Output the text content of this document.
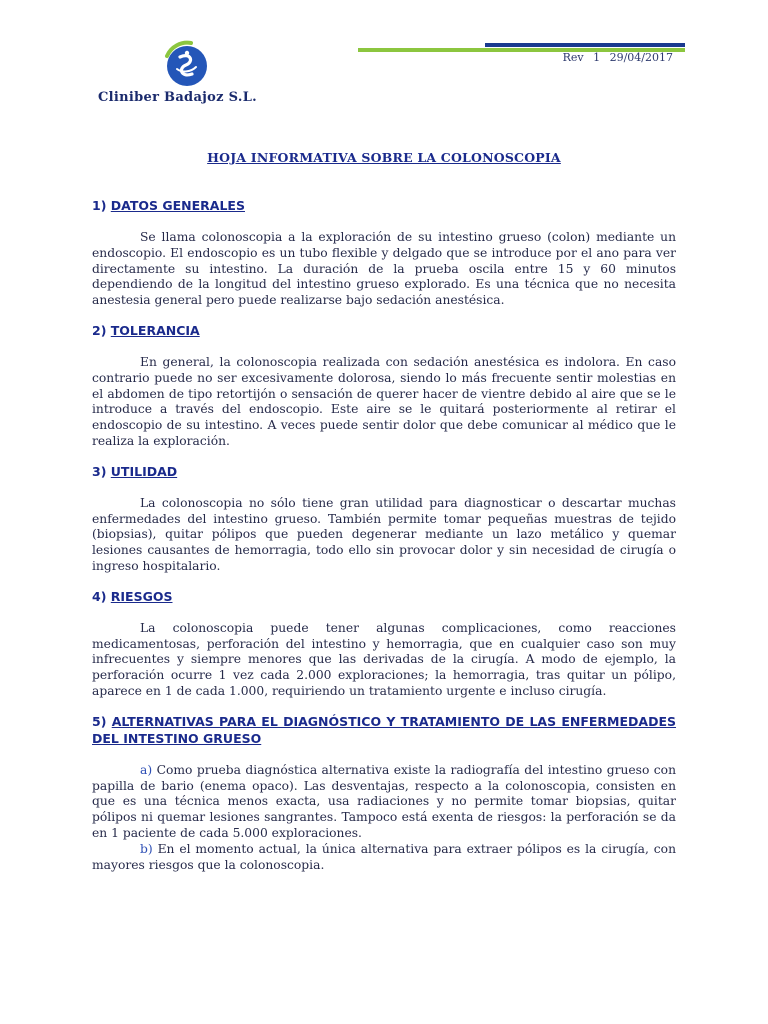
Cliniber Badajoz S.L.
Rev 1 29/04/2017
HOJA INFORMATIVA SOBRE LA COLONOSCOPIA
1) DATOS GENERALES

Se llama colonoscopia a la exploración de su intestino grueso (colon) mediante un endoscopio. El endoscopio es un tubo flexible y delgado que se introduce por el ano para ver directamente su intestino. La duración de la prueba oscila entre 15 y 60 minutos dependiendo de la longitud del intestino grueso explorado. Es una técnica que no necesita anestesia general pero puede realizarse bajo sedación anestésica.

2) TOLERANCIA

En general, la colonoscopia realizada con sedación anestésica es indolora. En caso contrario puede no ser excesivamente dolorosa, siendo lo más frecuente sentir molestias en el abdomen de tipo retortijón o sensación de querer hacer de vientre debido al aire que se le introduce a través del endoscopio. Este aire se le quitará posteriormente al retirar el endoscopio de su intestino. A veces puede sentir dolor que debe comunicar al médico que le realiza la exploración.

3) UTILIDAD

La colonoscopia no sólo tiene gran utilidad para diagnosticar o descartar muchas enfermedades del intestino grueso. También permite tomar pequeñas muestras de tejido (biopsias), quitar pólipos que pueden degenerar mediante un lazo metálico y quemar lesiones causantes de hemorragia, todo ello sin provocar dolor y sin necesidad de cirugía o ingreso hospitalario.

4) RIESGOS

La colonoscopia puede tener algunas complicaciones, como reacciones medicamentosas, perforación del intestino y hemorragia, que en cualquier caso son muy infrecuentes y siempre menores que las derivadas de la cirugía. A modo de ejemplo, la perforación ocurre 1 vez cada 2.000 exploraciones; la hemorragia, tras quitar un pólipo, aparece en 1 de cada 1.000, requiriendo un tratamiento urgente e incluso cirugía.

5) ALTERNATIVAS PARA EL DIAGNÓSTICO Y TRATAMIENTO DE LAS ENFERMEDADES DEL INTESTINO GRUESO

a) Como prueba diagnóstica alternativa existe la radiografía del intestino grueso con papilla de bario (enema opaco). Las desventajas, respecto a la colonoscopia, consisten en que es una técnica menos exacta, usa radiaciones y no permite tomar biopsias, quitar pólipos ni quemar lesiones sangrantes. Tampoco está exenta de riesgos: la perforación se da en 1 paciente de cada 5.000 exploraciones.

b) En el momento actual, la única alternativa para extraer pólipos es la cirugía, con mayores riesgos que la colonoscopia.
